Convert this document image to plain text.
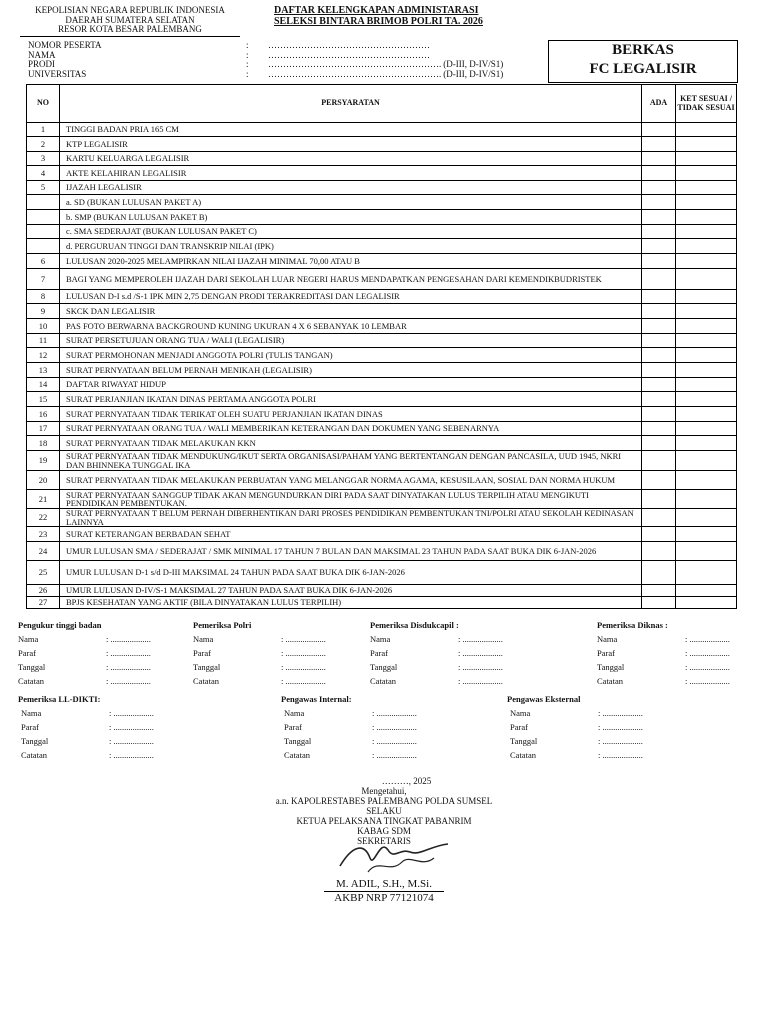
KEPOLISIAN NEGARA REPUBLIK INDONESIA
DAERAH SUMATERA SELATAN
RESOR KOTA BESAR PALEMBANG
DAFTAR KELENGKAPAN ADMINISTARASI
SELEKSI BINTARA BRIMOB POLRI TA. 2026
NOMOR PESERTA	:	………………………………………………
NAMA	:	………………………………………………
PRODI	:	…………………………………………………. (D-III, D-IV/S1)
UNIVERSITAS	:	…………………………………………………. (D-III, D-IV/S1)
BERKAS
FC LEGALISIR
NO	PERSYARATAN	ADA	KET SESUAI / TIDAK SESUAI
1	TINGGI BADAN PRIA 165 CM		
2	KTP LEGALISIR		
3	KARTU KELUARGA LEGALISIR		
4	AKTE KELAHIRAN LEGALISIR		
5	IJAZAH LEGALISIR		
	a. SD (BUKAN LULUSAN PAKET A)		
	b. SMP (BUKAN LULUSAN PAKET B)		
	c. SMA SEDERAJAT (BUKAN LULUSAN PAKET C)		
	d. PERGURUAN TINGGI DAN TRANSKRIP NILAI (IPK)		
6	LULUSAN 2020-2025 MELAMPIRKAN NILAI IJAZAH MINIMAL 70,00 ATAU B		
7	BAGI YANG MEMPEROLEH IJAZAH DARI SEKOLAH LUAR NEGERI HARUS MENDAPATKAN PENGESAHAN DARI KEMENDIKBUDRISTEK		
8	LULUSAN D-I s.d /S-1 IPK MIN 2,75 DENGAN PRODI TERAKREDITASI DAN LEGALISIR		
9	SKCK DAN LEGALISIR		
10	PAS FOTO BERWARNA BACKGROUND KUNING UKURAN 4 X 6 SEBANYAK 10 LEMBAR		
11	SURAT PERSETUJUAN ORANG TUA / WALI (LEGALISIR)		
12	SURAT PERMOHONAN MENJADI ANGGOTA POLRI (TULIS TANGAN)		
13	SURAT PERNYATAAN BELUM PERNAH MENIKAH (LEGALISIR)		
14	DAFTAR RIWAYAT HIDUP		
15	SURAT PERJANJIAN IKATAN DINAS PERTAMA ANGGOTA POLRI		
16	SURAT PERNYATAAN TIDAK TERIKAT OLEH SUATU PERJANJIAN IKATAN DINAS		
17	SURAT PERNYATAAN ORANG TUA / WALI MEMBERIKAN KETERANGAN DAN DOKUMEN YANG SEBENARNYA		
18	SURAT PERNYATAAN TIDAK MELAKUKAN KKN		
19	SURAT PERNYATAAN TIDAK MENDUKUNG/IKUT SERTA ORGANISASI/PAHAM YANG BERTENTANGAN DENGAN PANCASILA, UUD 1945, NKRI DAN BHINNEKA TUNGGAL IKA		
20	SURAT PERNYATAAN TIDAK MELAKUKAN PERBUATAN YANG MELANGGAR NORMA AGAMA, KESUSILAAN, SOSIAL DAN NORMA HUKUM		
21	SURAT PERNYATAAN SANGGUP TIDAK AKAN MENGUNDURKAN DIRI PADA SAAT DINYATAKAN LULUS TERPILIH ATAU MENGIKUTI PENDIDIKAN PEMBENTUKAN.		
22	SURAT PERNYATAAN T BELUM PERNAH DIBERHENTIKAN DARI PROSES PENDIDIKAN PEMBENTUKAN TNI/POLRI ATAU SEKOLAH KEDINASAN LAINNYA		
23	SURAT KETERANGAN BERBADAN SEHAT		
24	UMUR LULUSAN SMA / SEDERAJAT / SMK MINIMAL 17 TAHUN 7 BULAN DAN MAKSIMAL 23 TAHUN PADA SAAT BUKA DIK 6-JAN-2026		
25	UMUR LULUSAN D-1 s/d D-III MAKSIMAL 24 TAHUN PADA SAAT BUKA DIK 6-JAN-2026		
26	UMUR LULUSAN D-IV/S-1 MAKSIMAL 27 TAHUN PADA SAAT BUKA DIK 6-JAN-2026		
27	BPJS KESEHATAN YANG AKTIF (BILA DINYATAKAN LULUS TERPILIH)		
Pengukur tinggi badan
Nama	: ...................
Paraf	: ...................
Tanggal	: ...................
Catatan	: ...................
Pemeriksa Polri
Nama	: ...................
Paraf	: ...................
Tanggal	: ...................
Catatan	: ...................
Pemeriksa Disdukcapil :
Nama	: ...................
Paraf	: ...................
Tanggal	: ...................
Catatan	: ...................
Pemeriksa Diknas :
Nama	: ...................
Paraf	: ...................
Tanggal	: ...................
Catatan	: ...................
Pemeriksa LL-DIKTI:
Nama	: ...................
Paraf	: ...................
Tanggal	: ...................
Catatan	: ...................
Pengawas Internal:
Nama	: ...................
Paraf	: ...................
Tanggal	: ...................
Catatan	: ...................
Pengawas Eksternal
Nama	: ...................
Paraf	: ...................
Tanggal	: ...................
Catatan	: ...................
………, 2025
Mengetahui,
a.n. KAPOLRESTABES PALEMBANG POLDA SUMSEL
SELAKU
KETUA PELAKSANA TINGKAT PABANRIM
KABAG SDM
SEKRETARIS
M. ADIL, S.H., M.Si.
AKBP NRP 77121074
